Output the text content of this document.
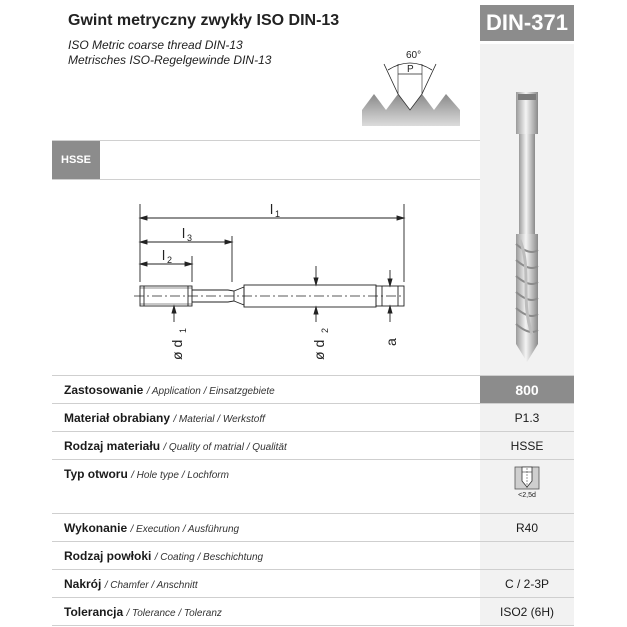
Gwint metryczny zwykły ISO DIN-13
ISO Metric coarse thread DIN-13
Metrisches ISO-Regelgewinde DIN-13
DIN-371
60°
P
HSSE
l 1
l 3
l 2
ø d
1
ø d
2
a
Zastosowanie / Application / Einsatzgebiete	800
Materiał obrabiany / Material / Werkstoff	P1.3
Rodzaj materiału / Quality of matrial / Qualität	HSSE
Typ otworu / Hole type / Lochform
<2,5d
Wykonanie / Execution / Ausführung	R40
Rodzaj powłoki / Coating / Beschichtung
Nakrój / Chamfer / Anschnitt	C / 2-3P
Tolerancja / Tolerance / Toleranz	ISO2 (6H)
